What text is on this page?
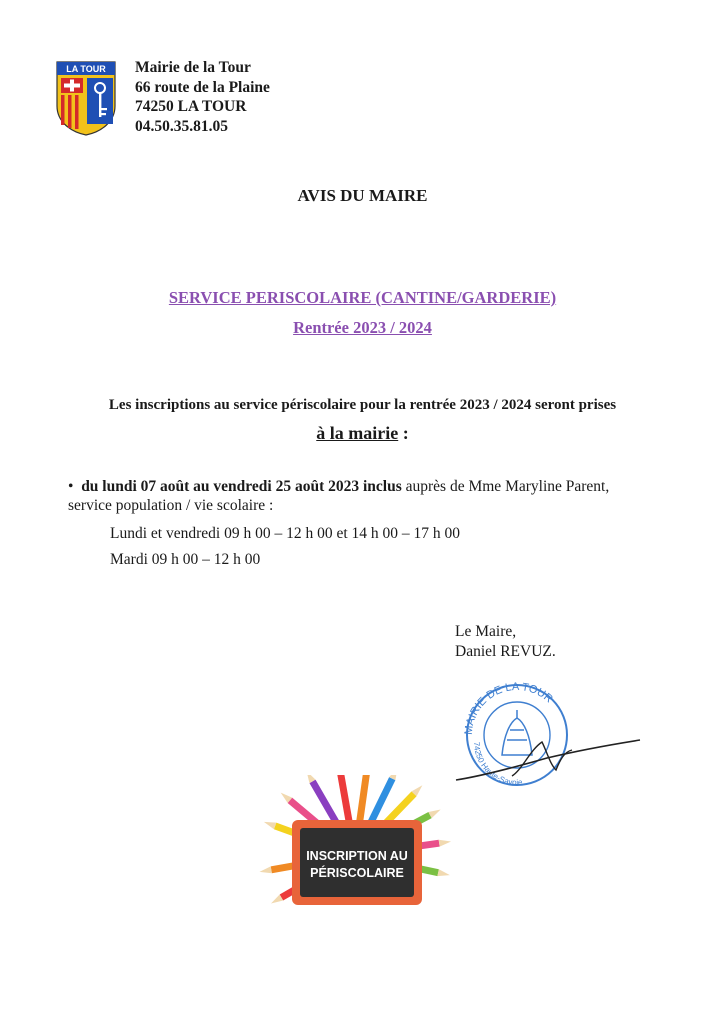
LA TOUR Mairie de la Tour
66 route de la Plaine
74250 LA TOUR
04.50.35.81.05
AVIS DU MAIRE
SERVICE PERISCOLAIRE (CANTINE/GARDERIE)
Rentrée 2023 / 2024
Les inscriptions au service périscolaire pour la rentrée 2023 / 2024 seront prises
à la mairie :
• du lundi 07 août au vendredi 25 août 2023 inclus auprès de Mme Maryline Parent, service population / vie scolaire :
Lundi et vendredi 09 h 00 – 12 h 00 et 14 h 00 – 17 h 00
Mardi 09 h 00 – 12 h 00
Le Maire,
Daniel REVUZ.
MAIRIE DE LA TOUR
74250 Haute-Savoie
INSCRIPTION AU
PÉRISCOLAIRE
